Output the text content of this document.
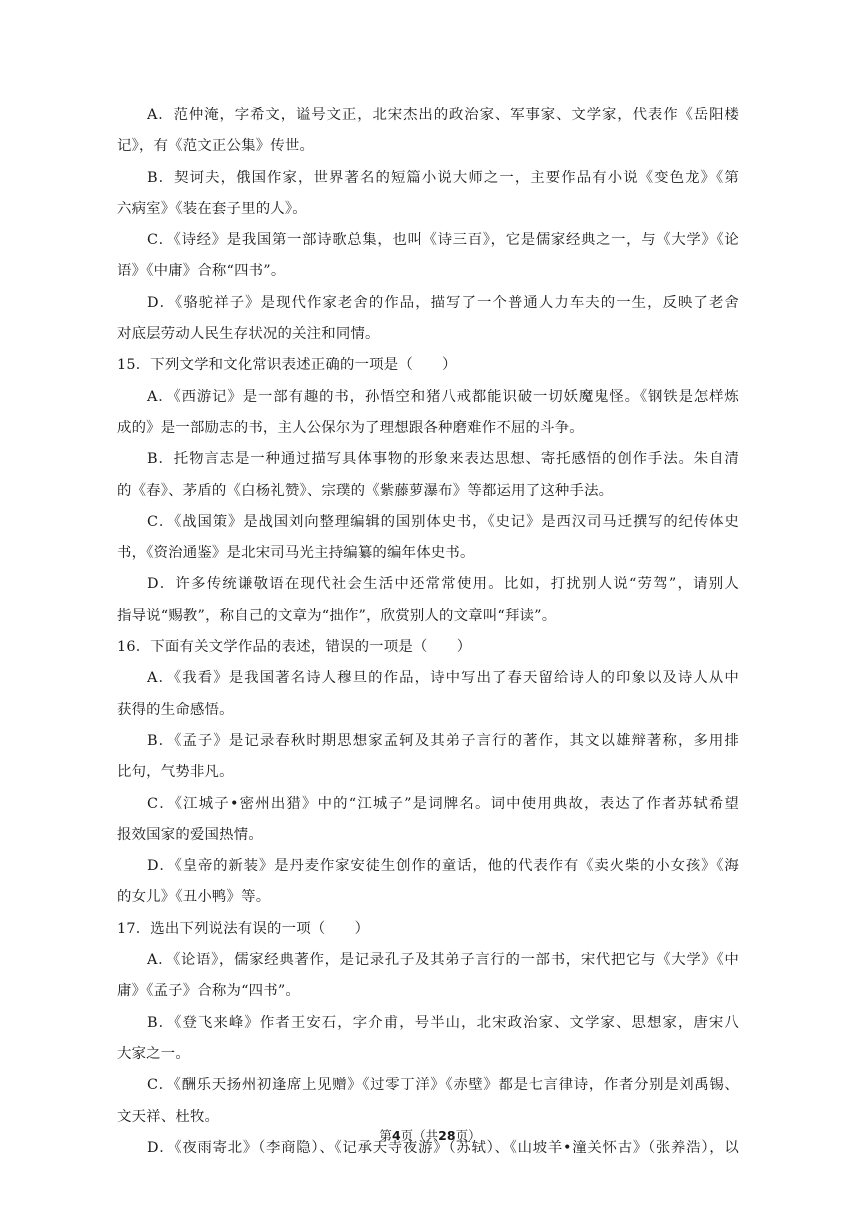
A．范仲淹，字希文，谥号文正，北宋杰出的政治家、军事家、文学家，代表作《岳阳楼
记》，有《范文正公集》传世。
B．契诃夫，俄国作家，世界著名的短篇小说大师之一，主要作品有小说《变色龙》《第
六病室》《装在套子里的人》。
C．《诗经》是我国第一部诗歌总集，也叫《诗三百》，它是儒家经典之一，与《大学》《论
语》《中庸》合称“四书”。
D．《骆驼祥子》是现代作家老舍的作品，描写了一个普通人力车夫的一生，反映了老舍
对底层劳动人民生存状况的关注和同情。
15．下列文学和文化常识表述正确的一项是（　　）
A．《西游记》是一部有趣的书，孙悟空和猪八戒都能识破一切妖魔鬼怪。《钢铁是怎样炼
成的》是一部励志的书，主人公保尔为了理想跟各种磨难作不屈的斗争。
B．托物言志是一种通过描写具体事物的形象来表达思想、寄托感悟的创作手法。朱自清
的《春》、茅盾的《白杨礼赞》、宗璞的《紫藤萝瀑布》等都运用了这种手法。
C．《战国策》是战国刘向整理编辑的国别体史书，《史记》是西汉司马迁撰写的纪传体史
书，《资治通鉴》是北宋司马光主持编纂的编年体史书。
D．许多传统谦敬语在现代社会生活中还常常使用。比如，打扰别人说“劳驾”，请别人
指导说“赐教”，称自己的文章为“拙作”，欣赏别人的文章叫“拜读”。
16．下面有关文学作品的表述，错误的一项是（　　）
A．《我看》是我国著名诗人穆旦的作品，诗中写出了春天留给诗人的印象以及诗人从中
获得的生命感悟。
B．《孟子》是记录春秋时期思想家孟轲及其弟子言行的著作，其文以雄辩著称，多用排
比句，气势非凡。
C．《江城子•密州出猎》中的“江城子”是词牌名。词中使用典故，表达了作者苏轼希望
报效国家的爱国热情。
D．《皇帝的新装》是丹麦作家安徒生创作的童话，他的代表作有《卖火柴的小女孩》《海
的女儿》《丑小鸭》等。
17．选出下列说法有误的一项（　　）
A．《论语》，儒家经典著作，是记录孔子及其弟子言行的一部书，宋代把它与《大学》《中
庸》《孟子》合称为“四书”。
B．《登飞来峰》作者王安石，字介甫，号半山，北宋政治家、文学家、思想家，唐宋八
大家之一。
C．《酬乐天扬州初逢席上见赠》《过零丁洋》《赤壁》都是七言律诗，作者分别是刘禹锡、
文天祥、杜牧。
D．《夜雨寄北》（李商隐）、《记承天寺夜游》（苏轼）、《山坡羊•潼关怀古》（张养浩），以
第4页（共28页）
